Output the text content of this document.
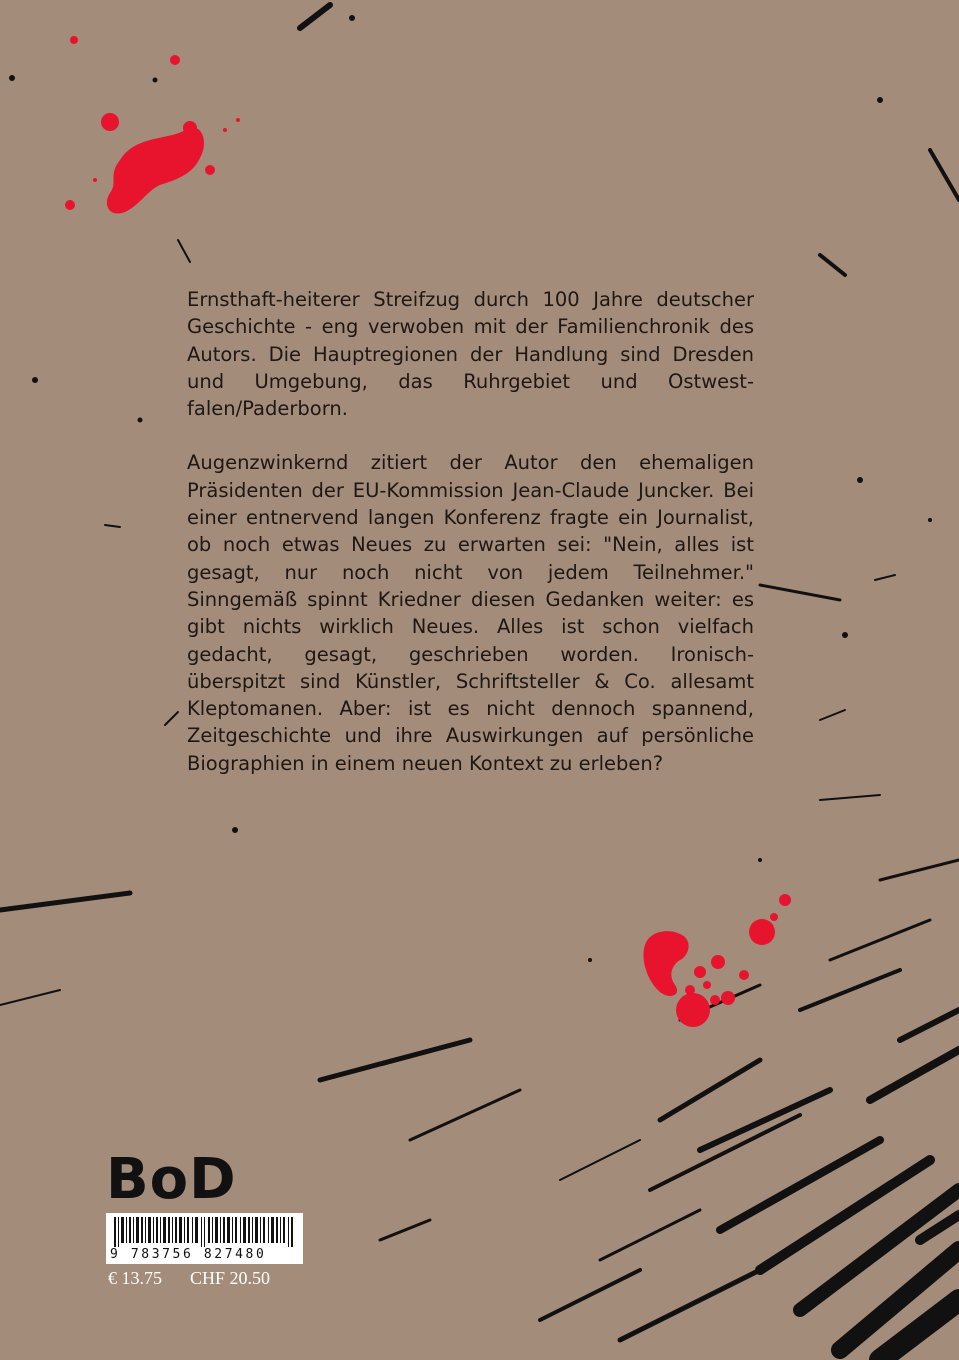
Ernsthaft-heiterer Streifzug durch 100 Jahre deutscher Geschichte - eng verwoben mit der Familienchronik des Autors. Die Hauptregionen der Handlung sind Dresden und Umgebung, das Ruhrgebiet und Ostwestfalen/Paderborn.

Augenzwinkernd zitiert der Autor den ehemaligen Präsidenten der EU-Kommission Jean-Claude Juncker. Bei einer entnervend langen Konferenz fragte ein Journalist, ob noch etwas Neues zu erwarten sei: "Nein, alles ist gesagt, nur noch nicht von jedem Teilnehmer." Sinngemäß spinnt Kriedner diesen Gedanken weiter: es gibt nichts wirklich Neues. Alles ist schon vielfach gedacht, gesagt, geschrieben worden. Ironisch- überspitzt sind Künstler, Schriftsteller & Co. allesamt Kleptomanen. Aber: ist es nicht dennoch spannend, Zeitgeschichte und ihre Auswirkungen auf persönliche Biographien in einem neuen Kontext zu erleben?

BoD
9 783756 827480
€ 13.75 CHF 20.50
